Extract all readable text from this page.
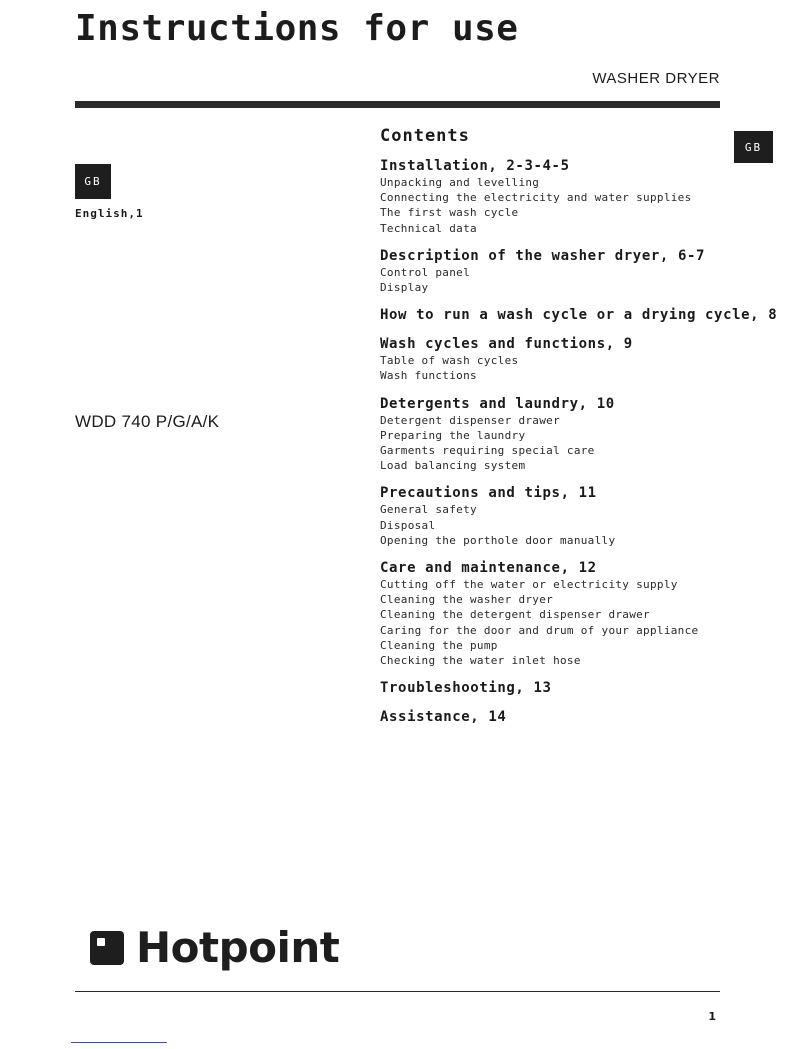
Instructions for use
WASHER DRYER
GB
English,1
WDD 740 P/G/A/K
GB
Contents
Installation, 2-3-4-5
Unpacking and levelling
Connecting the electricity and water supplies
The first wash cycle
Technical data
Description of the washer dryer, 6-7
Control panel
Display
How to run a wash cycle or a drying cycle, 8
Wash cycles and functions, 9
Table of wash cycles
Wash functions
Detergents and laundry, 10
Detergent dispenser drawer
Preparing the laundry
Garments requiring special care
Load balancing system
Precautions and tips, 11
General safety
Disposal
Opening the porthole door manually
Care and maintenance, 12
Cutting off the water or electricity supply
Cleaning the washer dryer
Cleaning the detergent dispenser drawer
Caring for the door and drum of your appliance
Cleaning the pump
Checking the water inlet hose
Troubleshooting, 13
Assistance, 14
Hotpoint
1
